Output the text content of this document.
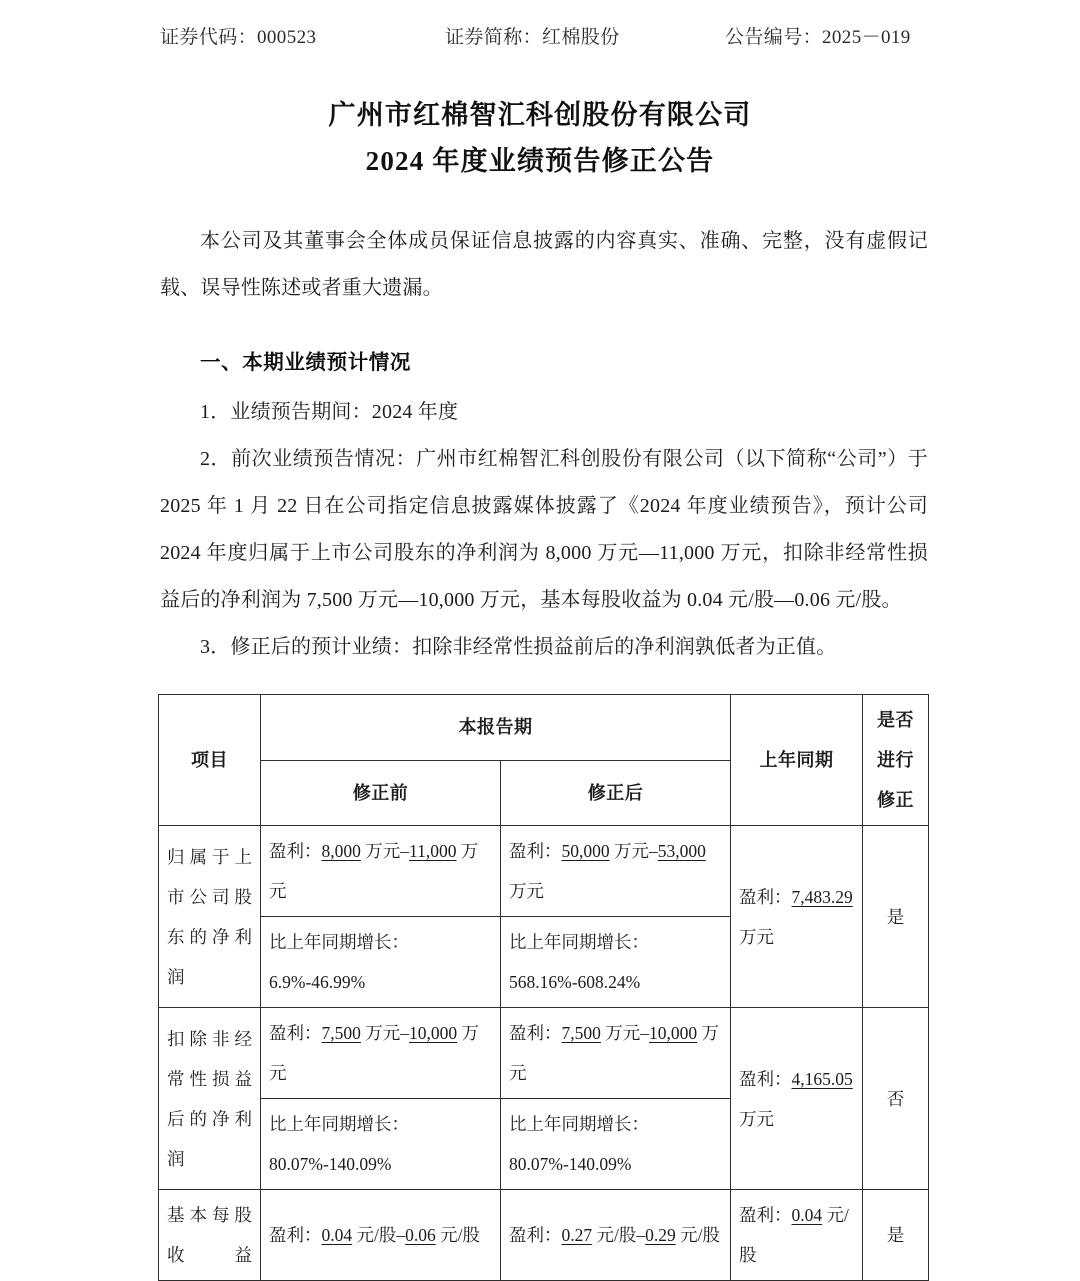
证券代码：000523	证券简称：红棉股份	公告编号：2025－019
广州市红棉智汇科创股份有限公司
2024 年度业绩预告修正公告

本公司及其董事会全体成员保证信息披露的内容真实、准确、完整，没有虚假记载、误导性陈述或者重大遗漏。

一、本期业绩预计情况

1．业绩预告期间：2024 年度

2．前次业绩预告情况：广州市红棉智汇科创股份有限公司（以下简称“公司”）于 2025 年 1 月 22 日在公司指定信息披露媒体披露了《2024 年度业绩预告》，预计公司 2024 年度归属于上市公司股东的净利润为 8,000 万元—11,000 万元，扣除非经常性损益后的净利润为 7,500 万元—10,000 万元，基本每股收益为 0.04 元/股—0.06 元/股。

3．修正后的预计业绩：扣除非经常性损益前后的净利润孰低者为正值。

项目	本报告期		上年同期	是否进行修正
	修正前	修正后		
归属于上市公司股东的净利润	盈利：8,000 万元–11,000 万元	盈利：50,000 万元–53,000 万元	盈利：7,483.29 万元	是
	比上年同期增长：6.9%-46.99%	比上年同期增长：568.16%-608.24%		
扣除非经常性损益后的净利润	盈利：7,500 万元–10,000 万元	盈利：7,500 万元–10,000 万元	盈利：4,165.05 万元	否
	比上年同期增长：80.07%-140.09%	比上年同期增长：80.07%-140.09%		
基本每股收益	盈利：0.04 元/股–0.06 元/股	盈利：0.27 元/股–0.29 元/股	盈利：0.04 元/股	是
